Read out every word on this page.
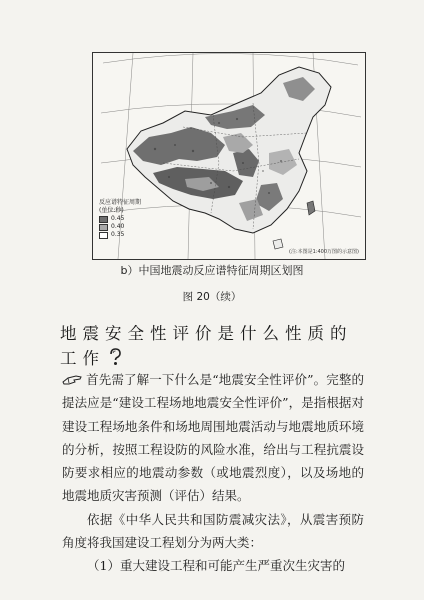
反应谱特征周期
(单位:秒)
0.45
0.40
0.35
(注:本图是1:400万图的示意图)
b）中国地震动反应谱特征周期区划图
图 20（续）
地震安全性评价是什么性质的
工作

首先需了解一下什么是“地震安全性评价”。完整的提法应是“建设工程场地地震安全性评价”，是指根据对建设工程场地条件和场地周围地震活动与地震地质环境的分析，按照工程设防的风险水准，给出与工程抗震设防要求相应的地震动参数（或地震烈度），以及场地的地震地质灾害预测（评估）结果。

依据《中华人民共和国防震减灾法》，从震害预防角度将我国建设工程划分为两大类：

（1）重大建设工程和可能产生严重次生灾害的
